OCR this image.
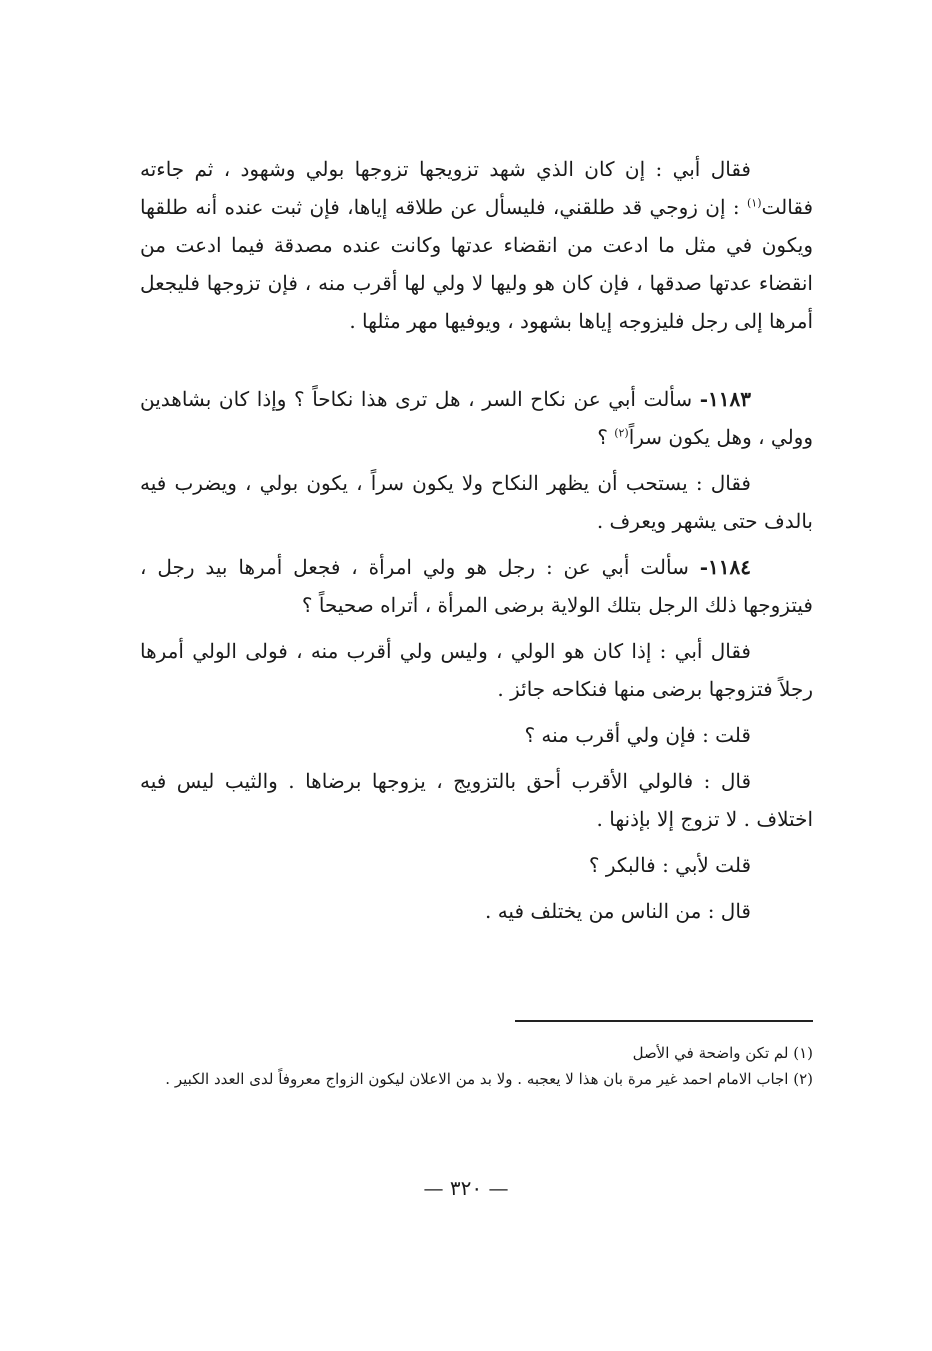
فقال أبي : إن كان الذي شهد تزويجها تزوجها بولي وشهود ، ثم جاءته فقالت$^{(١)}$ : إن زوجي قد طلقني، فليسأل عن طلاقه إياها، فإن ثبت عنده أنه طلقها ويكون في مثل ما ادعت من انقضاء عدتها وكانت عنده مصدقة فيما ادعت من انقضاء عدتها صدقها ، فإن كان هو وليها لا ولي لها أقرب منه ، فإن تزوجها فليجعل أمرها إلى رجل فليزوجه إياها بشهود ، ويوفيها مهر مثلها .

١١٨٣- سألت أبي عن نكاح السر ، هل ترى هذا نكاحاً ؟ وإذا كان بشاهدين وولي ، وهل يكون سراً$^{(٢)}$ ؟

فقال : يستحب أن يظهر النكاح ولا يكون سراً ، يكون بولي ، ويضرب فيه بالدف حتى يشهر ويعرف .

١١٨٤- سألت أبي عن : رجل هو ولي امرأة ، فجعل أمرها بيد رجل ، فيتزوجها ذلك الرجل بتلك الولاية برضى المرأة ، أتراه صحيحاً ؟

فقال أبي : إذا كان هو الولي ، وليس ولي أقرب منه ، فولى الولي أمرها رجلاً فتزوجها برضى منها فنكاحه جائز .

قلت : فإن ولي أقرب منه ؟

قال : فالولي الأقرب أحق بالتزويج ، يزوجها برضاها . والثيب ليس فيه اختلاف . لا تزوج إلا بإذنها .

قلت لأبي : فالبكر ؟

قال : من الناس من يختلف فيه .

(١) لم تكن واضحة في الأصل

(٢) اجاب الامام احمد غير مرة بان هذا لا يعجبه . ولا بد من الاعلان ليكون الزواج معروفاً لدى العدد الكبير .

— ٣٢٠ —
